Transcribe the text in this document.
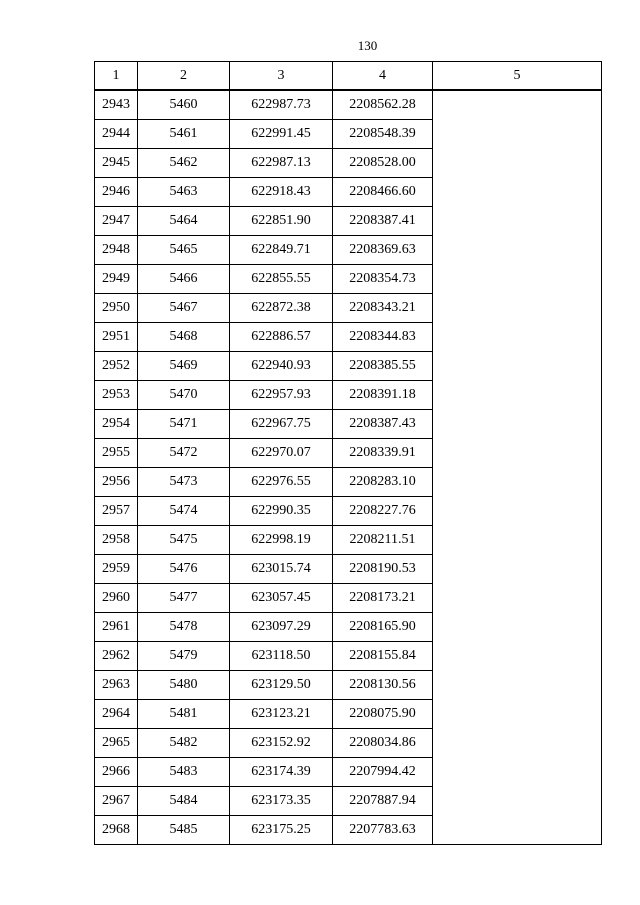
130
1	2	3	4	5
2943	5460	622987.73	2208562.28	
2944	5461	622991.45	2208548.39	
2945	5462	622987.13	2208528.00	
2946	5463	622918.43	2208466.60	
2947	5464	622851.90	2208387.41	
2948	5465	622849.71	2208369.63	
2949	5466	622855.55	2208354.73	
2950	5467	622872.38	2208343.21	
2951	5468	622886.57	2208344.83	
2952	5469	622940.93	2208385.55	
2953	5470	622957.93	2208391.18	
2954	5471	622967.75	2208387.43	
2955	5472	622970.07	2208339.91	
2956	5473	622976.55	2208283.10	
2957	5474	622990.35	2208227.76	
2958	5475	622998.19	2208211.51	
2959	5476	623015.74	2208190.53	
2960	5477	623057.45	2208173.21	
2961	5478	623097.29	2208165.90	
2962	5479	623118.50	2208155.84	
2963	5480	623129.50	2208130.56	
2964	5481	623123.21	2208075.90	
2965	5482	623152.92	2208034.86	
2966	5483	623174.39	2207994.42	
2967	5484	623173.35	2207887.94	
2968	5485	623175.25	2207783.63	
